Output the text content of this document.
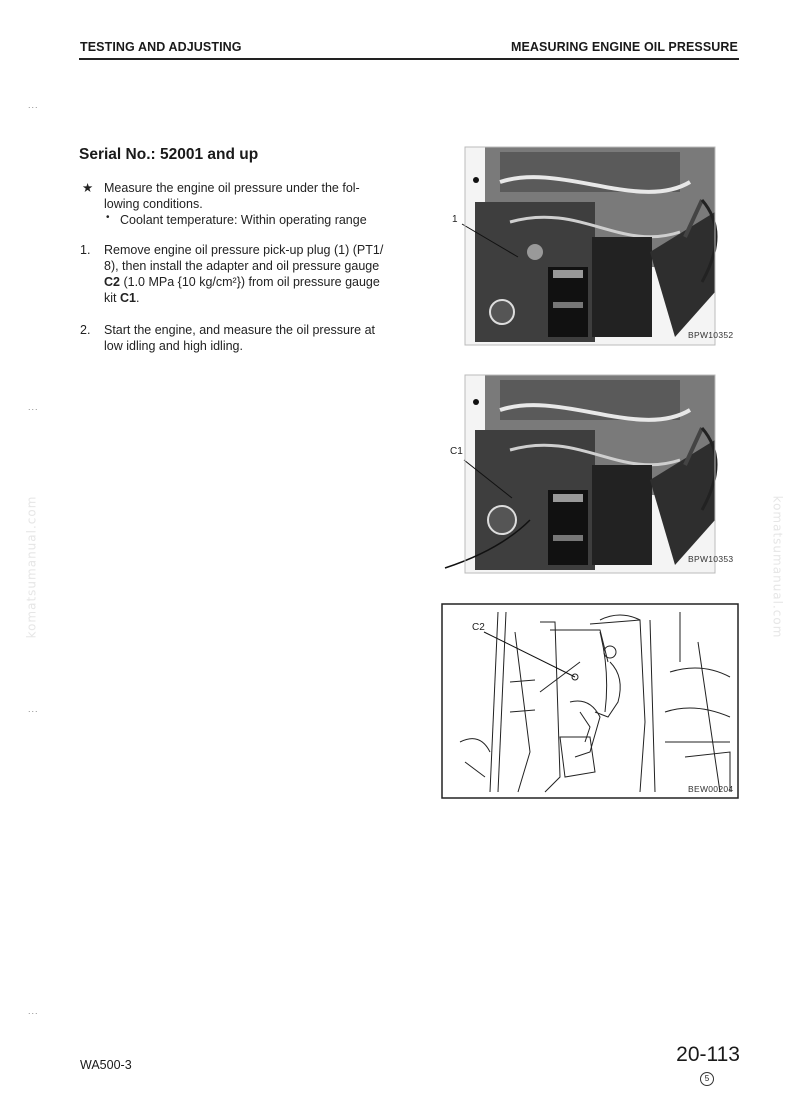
TESTING AND ADJUSTING	MEASURING ENGINE OIL PRESSURE
...
...
...
...
komatsumanual.com	komatsumanual.com
Serial No.: 52001 and up
★ Measure the engine oil pressure under the fol-
lowing conditions.
• Coolant temperature: Within operating range
1. Remove engine oil pressure pick-up plug (1) (PT1/
8), then install the adapter and oil pressure gauge
C2 (1.0 MPa {10 kg/cm²}) from oil pressure gauge
kit C1.
2. Start the engine, and measure the oil pressure at
low idling and high idling.
1
BPW10352
C1
BPW10353
C2
BEW00204
WA500-3	20-113
5
